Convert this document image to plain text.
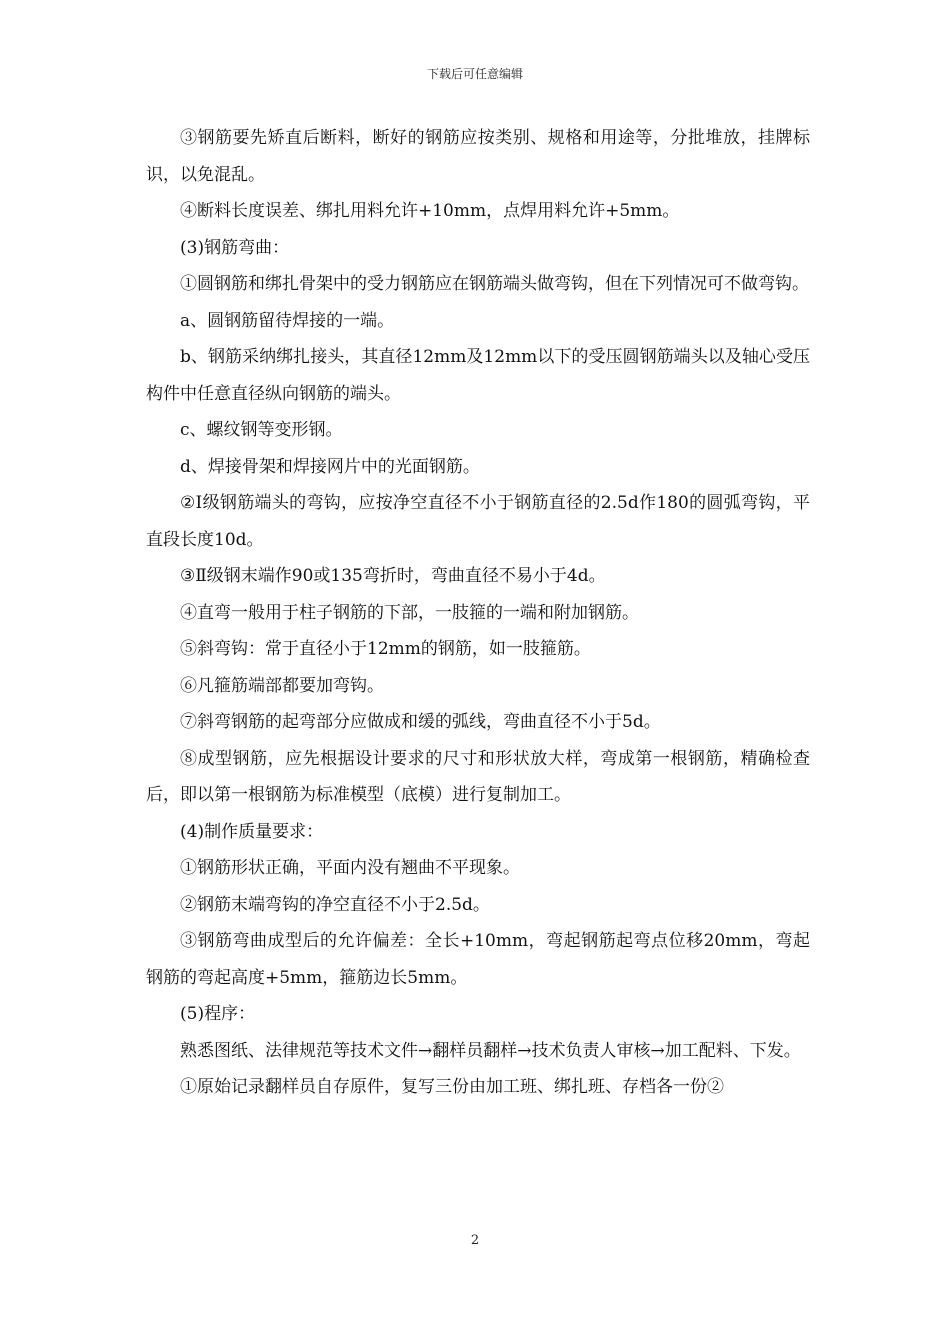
下载后可任意编辑

③钢筋要先矫直后断料，断好的钢筋应按类别、规格和用途等，分批堆放，挂牌标识，以免混乱。

④断料长度误差、绑扎用料允许+10mm，点焊用料允许+5mm。

(3)钢筋弯曲：

①圆钢筋和绑扎骨架中的受力钢筋应在钢筋端头做弯钩，但在下列情况可不做弯钩。

a、圆钢筋留待焊接的一端。

b、钢筋采纳绑扎接头，其直径12mm及12mm以下的受压圆钢筋端头以及轴心受压构件中任意直径纵向钢筋的端头。

c、螺纹钢等变形钢。

d、焊接骨架和焊接网片中的光面钢筋。

②Ⅰ级钢筋端头的弯钩，应按净空直径不小于钢筋直径的2.5d作180的圆弧弯钩，平直段长度10d。

③Ⅱ级钢末端作90或135弯折时，弯曲直径不易小于4d。

④直弯一般用于柱子钢筋的下部，一肢箍的一端和附加钢筋。

⑤斜弯钩：常于直径小于12mm的钢筋，如一肢箍筋。

⑥凡箍筋端部都要加弯钩。

⑦斜弯钢筋的起弯部分应做成和缓的弧线，弯曲直径不小于5d。

⑧成型钢筋，应先根据设计要求的尺寸和形状放大样，弯成第一根钢筋，精确检查后，即以第一根钢筋为标准模型（底模）进行复制加工。

(4)制作质量要求：

①钢筋形状正确，平面内没有翘曲不平现象。

②钢筋末端弯钩的净空直径不小于2.5d。

③钢筋弯曲成型后的允许偏差：全长+10mm，弯起钢筋起弯点位移20mm，弯起钢筋的弯起高度+5mm，箍筋边长5mm。

(5)程序：

熟悉图纸、法律规范等技术文件→翻样员翻样→技术负责人审核→加工配料、下发。

①原始记录翻样员自存原件，复写三份由加工班、绑扎班、存档各一份②

2
